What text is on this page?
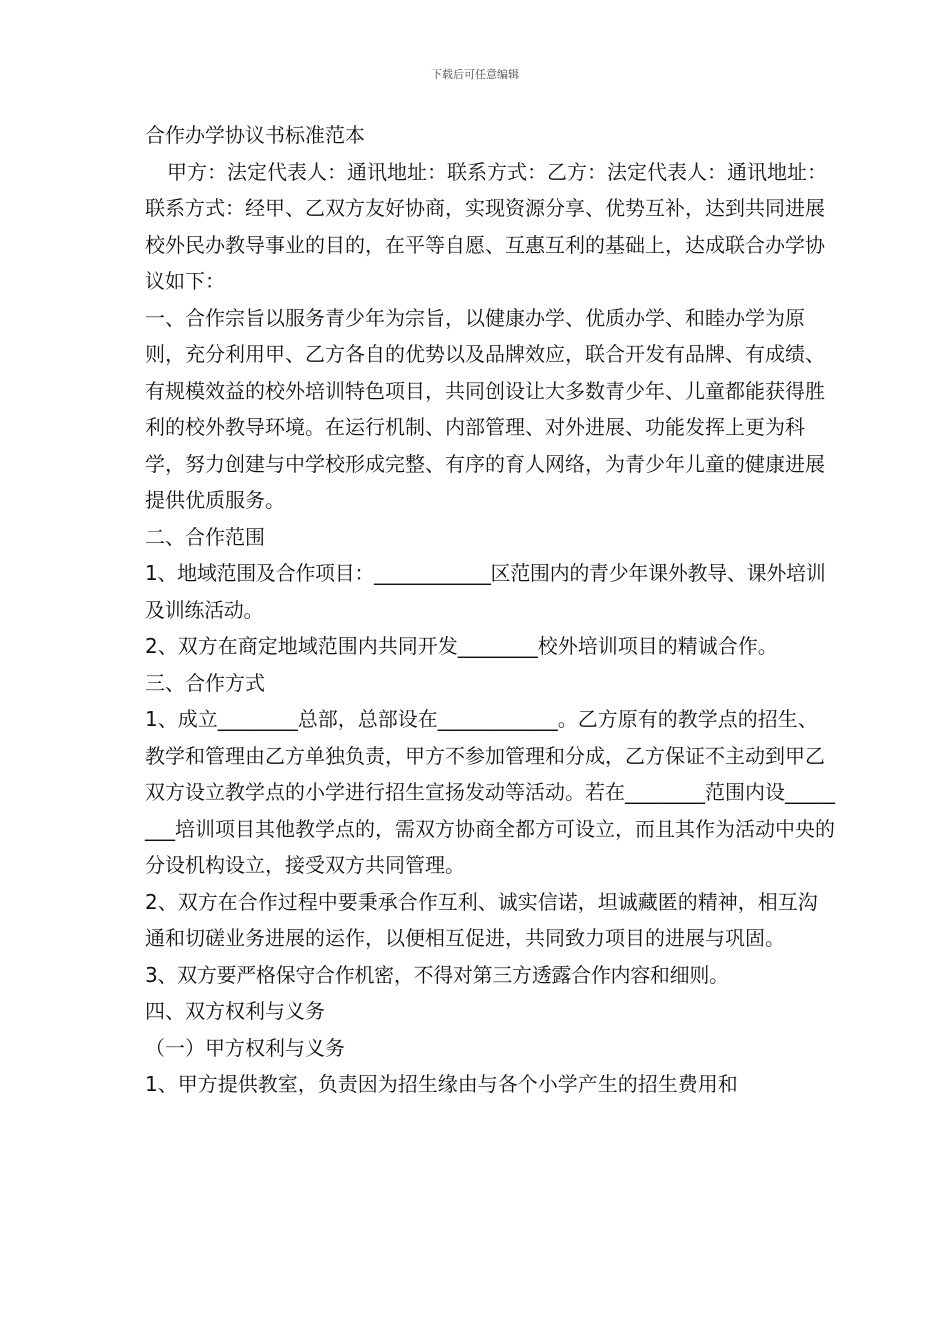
下载后可任意编辑

合作办学协议书标准范本

甲方：法定代表人：通讯地址：联系方式：乙方：法定代表人：通讯地址：联系方式：经甲、乙双方友好协商，实现资源分享、优势互补，达到共同进展校外民办教导事业的目的，在平等自愿、互惠互利的基础上，达成联合办学协议如下：

一、合作宗旨以服务青少年为宗旨，以健康办学、优质办学、和睦办学为原则，充分利用甲、乙方各自的优势以及品牌效应，联合开发有品牌、有成绩、有规模效益的校外培训特色项目，共同创设让大多数青少年、儿童都能获得胜利的校外教导环境。在运行机制、内部管理、对外进展、功能发挥上更为科学，努力创建与中学校形成完整、有序的育人网络，为青少年儿童的健康进展提供优质服务。

二、合作范围

1、地域范围及合作项目：____________区范围内的青少年课外教导、课外培训及训练活动。

2、双方在商定地域范围内共同开发________校外培训项目的精诚合作。

三、合作方式

1、成立________总部，总部设在____________。乙方原有的教学点的招生、教学和管理由乙方单独负责，甲方不参加管理和分成，乙方保证不主动到甲乙双方设立教学点的小学进行招生宣扬发动等活动。若在________范围内设________培训项目其他教学点的，需双方协商全都方可设立，而且其作为活动中央的分设机构设立，接受双方共同管理。

2、双方在合作过程中要秉承合作互利、诚实信诺，坦诚藏匿的精神，相互沟通和切磋业务进展的运作，以便相互促进，共同致力项目的进展与巩固。

3、双方要严格保守合作机密，不得对第三方透露合作内容和细则。

四、双方权利与义务

（一）甲方权利与义务

1、甲方提供教室，负责因为招生缘由与各个小学产生的招生费用和
